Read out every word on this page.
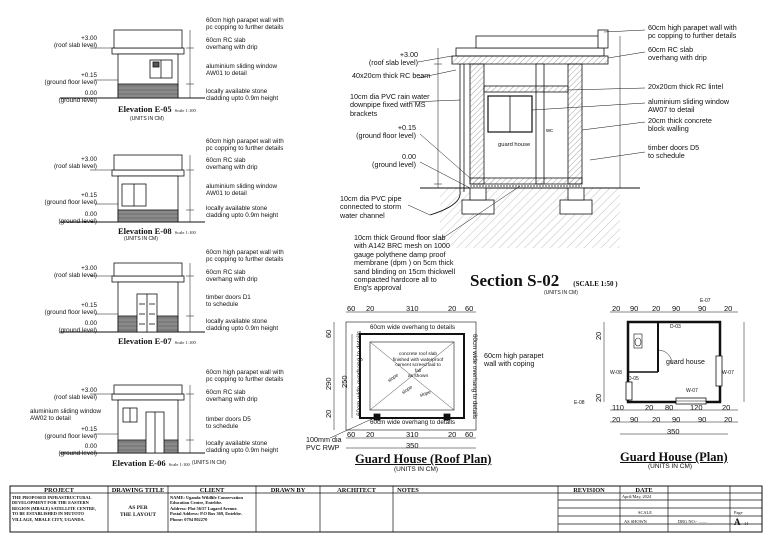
+3.00
(roof slab level)
+0.15
(ground floor level)
0.00
(ground level)
60cm high parapet wall with
pc copping to further details
60cm RC slab
overhang with drip
aluminium sliding window
AW01 to detail
locally available stone
cladding upto 0.9m height
Elevation E-05 Scale 1:100
(UNITS IN CM)
+3.00
(roof slab level)
+0.15
(ground floor level)
0.00
(ground level)
60cm high parapet wall with
pc copping to further details
60cm RC slab
overhang with drip
aluminium sliding window
AW01 to detail
locally available stone
cladding upto 0.9m height
Elevation E-08 Scale 1:100
(UNITS IN CM)
+3.00
(roof slab level)
+0.15
(ground floor level)
0.00
(ground level)
60cm high parapet wall with
pc copping to further details
60cm RC slab
overhang with drip
timber doors D1
to schedule
locally available stone
cladding upto 0.9m height
Elevation E-07 Scale 1:100
+3.00
(roof slab level)
aluminium sliding window
AW02 to detail
+0.15
(ground floor level)
0.00
(ground level)
60cm high parapet wall with
pc copping to further details
60cm RC slab
overhang with drip
timber doors D5
to schedule
locally available stone
cladding upto 0.9m height
Elevation E-06 Scale 1:100 (UNITS IN CM)
+3.00
(roof slab level)
40x20cm thick RC beam
10cm dia PVC rain water
downpipe fixed with MS
brackets
+0.15
(ground floor level)
0.00
(ground level)
10cm dia PVC pipe
connected to storm
water channel
10cm thick Ground floor slab
with A142 BRC mesh on 1000
gauge polythene damp proof
membrane (dpm ) on 5cm thick
sand blinding on 15cm thickwell
compacted hardcore all to
Eng's approval
60cm high parapet wall with
pc copping to further details
60cm RC slab
overhang with drip
20x20cm thick RC lintel
aluminium sliding window
AW07 to detail
20cm thick concrete
block walling
timber doors D5
to schedule
guard house
wc
Section S-02 (SCALE 1:50 )
(UNITS IN CM)
60 20	310	20 60
60 20	310	20 60
350
60
290
20
250
60cm wide overhang to details
60cm wide overhang to details
60cm wide overhang to details	60cm wide overhang to details
concrete roof slab
finished with waterproof
cement screed laid to fall
as shown
slope
slope slope
60cm high parapet
wall with coping
100mm dia
PVC RWP
Guard House (Roof Plan)
(UNITS IN CM)
20 90 20 90 90 20
110	20 80 120	20
20 90 20 90 90 20
350
20
20
E-07
D-03
D-05
W-07
W-08	W-07
E-08
guard house
Guard House (Plan)
(UNITS IN CM)
PROJECT	DRAWING TITLE	CLIENT	DRAWN BY	ARCHITECT	NOTES	REVISION	DATE
THE PROPOSED INFRASTRUCTURAL
DEVELOPMENT FOR THE EASTERN
REGION (MBALE) SATELLITE CENTRE,
TO BE ESTABLISHED IN MUTOTO
VILLAGE, MBALE CITY, UGANDA.
AS PER
THE LAYOUT
NAME: Uganda Wildlife Conservation
Education Centre, Entebbe.
Address: Plot 56/57 Lugard Avenue.
Postal Address: P.O Box 369, Entebbe.
Phone: 0794 802270
April/May, 2024
SCALE
AS SHOWN
Page
DRG NO:- ........	A 14
